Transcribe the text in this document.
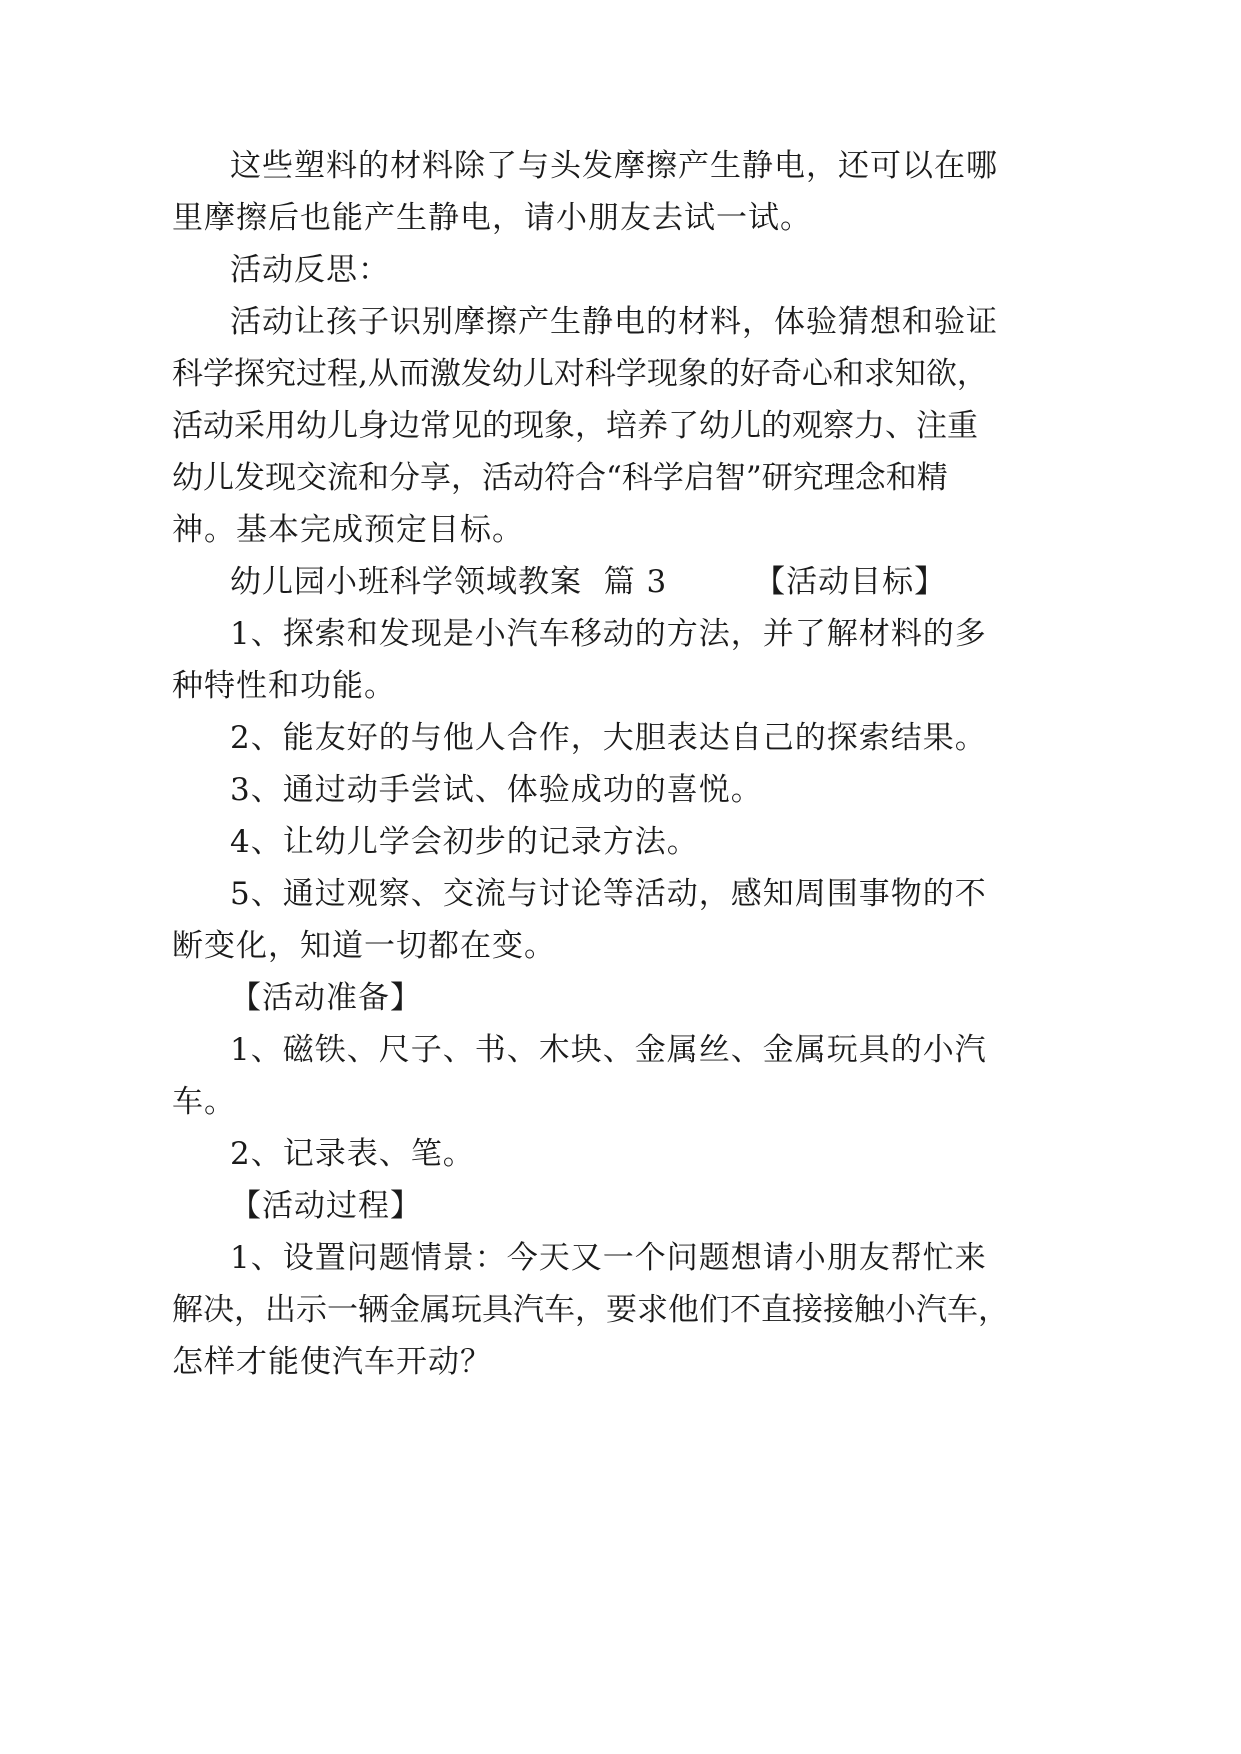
这些塑料的材料除了与头发摩擦产生静电，还可以在哪
里摩擦后也能产生静电，请小朋友去试一试。
活动反思：
活动让孩子识别摩擦产生静电的材料，体验猜想和验证
科学探究过程,从而激发幼儿对科学现象的好奇心和求知欲，
活动采用幼儿身边常见的现象，培养了幼儿的观察力、注重
幼儿发现交流和分享，活动符合“科学启智”研究理念和精
神。基本完成预定目标。
幼儿园小班科学领域教案  篇 3        【活动目标】
1、探索和发现是小汽车移动的方法，并了解材料的多
种特性和功能。
2、能友好的与他人合作，大胆表达自己的探索结果。
3、通过动手尝试、体验成功的喜悦。
4、让幼儿学会初步的记录方法。
5、通过观察、交流与讨论等活动，感知周围事物的不
断变化，知道一切都在变。
【活动准备】
1、磁铁、尺子、书、木块、金属丝、金属玩具的小汽
车。
2、记录表、笔。
【活动过程】
1、设置问题情景：今天又一个问题想请小朋友帮忙来
解决，出示一辆金属玩具汽车，要求他们不直接接触小汽车，
怎样才能使汽车开动？
